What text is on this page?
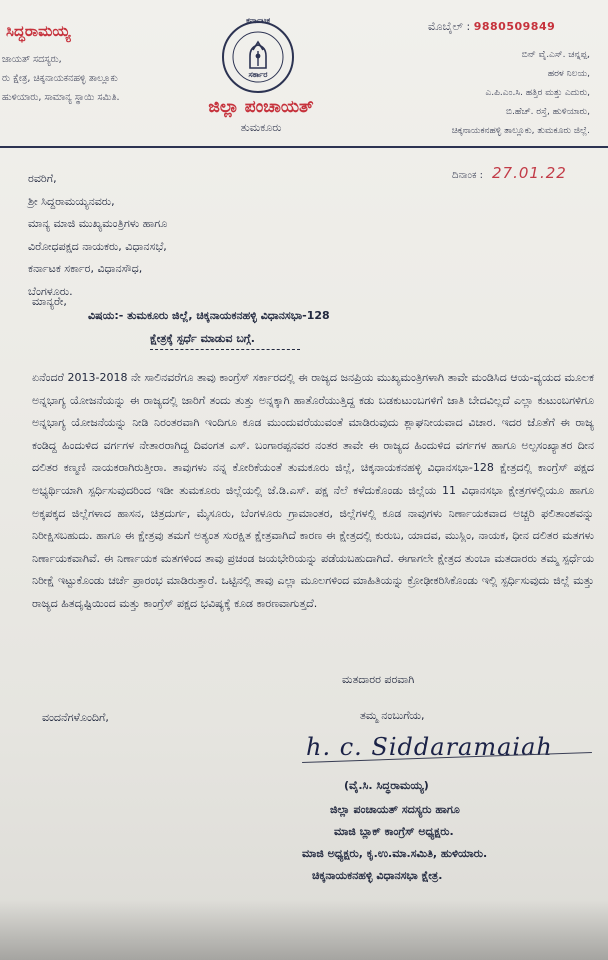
ಸಿದ್ಧರಾಮಯ್ಯ
ಜಾಯತ್ ಸದಸ್ಯರು,
ರು ಕ್ಷೇತ್ರ, ಚಿಕ್ಕನಾಯಕನಹಳ್ಳಿ ತಾಲ್ಲೂಕು
ಹುಳಿಯಾರು, ಸಾಮಾನ್ಯ ಸ್ಥಾಯಿ ಸಮಿತಿ.
ಕರ್ನಾಟಕ
ಸರ್ಕಾರ
ಜಿಲ್ಲಾ ಪಂಚಾಯತ್
ತುಮಕೂರು
ಮೊಬೈಲ್ : 9880509849
ಬಿನ್ ವೈ.ಎಸ್. ಚನ್ನಪ್ಪ,
ಹರಳ ನಿಲಯ,
ಎ.ಪಿ.ಎಂ.ಸಿ. ಹತ್ತಿರ ಮತ್ತು ಎದುರು,
ಬಿ.ಹೆಚ್. ರಸ್ತೆ, ಹುಳಿಯಾರು,
ಚಿಕ್ಕನಾಯಕನಹಳ್ಳಿ ತಾಲ್ಲೂಕು, ತುಮಕೂರು ಜಿಲ್ಲೆ.
ದಿನಾಂಕ : 27.01.22
ರವರಿಗೆ,
ಶ್ರೀ ಸಿದ್ದರಾಮಯ್ಯನವರು,
ಮಾನ್ಯ ಮಾಜಿ ಮುಖ್ಯಮಂತ್ರಿಗಳು ಹಾಗೂ
ವಿರೋಧಪಕ್ಷದ ನಾಯಕರು, ವಿಧಾನಸಭೆ,
ಕರ್ನಾಟಕ ಸರ್ಕಾರ, ವಿಧಾನಸೌಧ,
ಬೆಂಗಳೂರು.
ಮಾನ್ಯರೇ,
ವಿಷಯ:- ತುಮಕೂರು ಜಿಲ್ಲೆ, ಚಿಕ್ಕನಾಯಕನಹಳ್ಳಿ ವಿಧಾನಸಭಾ-128
ಕ್ಷೇತ್ರಕ್ಕೆ ಸ್ಪರ್ಧೆ ಮಾಡುವ ಬಗ್ಗೆ.
ಏನೆಂದರೆ 2013-2018 ನೇ ಸಾಲಿನವರೆಗೂ ತಾವು ಕಾಂಗ್ರೆಸ್ ಸರ್ಕಾರದಲ್ಲಿ ಈ ರಾಜ್ಯದ ಜನಪ್ರಿಯ ಮುಖ್ಯಮಂತ್ರಿಗಳಾಗಿ ತಾವೇ ಮಂಡಿಸಿದ ಆಯ-ವ್ಯಯದ ಮೂಲಕ ಅನ್ನಭಾಗ್ಯ ಯೋಜನೆಯನ್ನು ಈ ರಾಜ್ಯದಲ್ಲಿ ಜಾರಿಗೆ ತಂದು ತುತ್ತು ಅನ್ನಕ್ಕಾಗಿ ಹಾತೊರೆಯುತ್ತಿದ್ದ ಕಡು ಬಡಕುಟುಂಬಗಳಿಗೆ ಜಾತಿ ಬೇದವಿಲ್ಲದೆ ಎಲ್ಲಾ ಕುಟುಂಬಗಳಿಗೂ ಅನ್ನಭಾಗ್ಯ ಯೋಜನೆಯನ್ನು ನೀಡಿ ನಿರಂತರವಾಗಿ ಇಂದಿಗೂ ಕೂಡ ಮುಂದುವರೆಯುವಂತೆ ಮಾಡಿರುವುದು ಶ್ಲಾಘನೀಯವಾದ ವಿಚಾರ. ಇದರ ಜೊತೆಗೆ ಈ ರಾಜ್ಯ ಕಂಡಿದ್ದ ಹಿಂದುಳಿದ ವರ್ಗಗಳ ನೇತಾರರಾಗಿದ್ದ ದಿವಂಗತ ಎಸ್. ಬಂಗಾರಪ್ಪನವರ ನಂತರ ತಾವೇ ಈ ರಾಜ್ಯದ ಹಿಂದುಳಿದ ವರ್ಗಗಳ ಹಾಗೂ ಅಲ್ಪಸಂಖ್ಯಾತರ ದೀನ ದಲಿತರ ಕಣ್ಮಣಿ ನಾಯಕರಾಗಿರುತ್ತೀರಾ. ತಾವುಗಳು ನನ್ನ ಕೋರಿಕೆಯಂತೆ ತುಮಕೂರು ಜಿಲ್ಲೆ, ಚಿಕ್ಕನಾಯಕನಹಳ್ಳಿ ವಿಧಾನಸಭಾ-128 ಕ್ಷೇತ್ರದಲ್ಲಿ ಕಾಂಗ್ರೆಸ್ ಪಕ್ಷದ ಅಭ್ಯರ್ಥಿಯಾಗಿ ಸ್ಪರ್ಧಿಸುವುದರಿಂದ ಇಡೀ ತುಮಕೂರು ಜಿಲ್ಲೆಯಲ್ಲಿ ಜೆ.ಡಿ.ಎಸ್. ಪಕ್ಷ ನೆಲೆ ಕಳೆದುಕೊಂಡು ಜಿಲ್ಲೆಯ 11 ವಿಧಾನಸಭಾ ಕ್ಷೇತ್ರಗಳಲ್ಲಿಯೂ ಹಾಗೂ ಅಕ್ಕಪಕ್ಕದ ಜಿಲ್ಲೆಗಳಾದ ಹಾಸನ, ಚಿತ್ರದುರ್ಗ, ಮೈಸೂರು, ಬೆಂಗಳೂರು ಗ್ರಾಮಾಂತರ, ಜಿಲ್ಲೆಗಳಲ್ಲಿ ಕೂಡ ನಾವುಗಳು ನಿರ್ಣಾಯಕವಾದ ಅಚ್ಚರಿ ಫಲಿತಾಂಶವನ್ನು ನಿರೀಕ್ಷಿಸಬಹುದು. ಹಾಗೂ ಈ ಕ್ಷೇತ್ರವು ತಮಗೆ ಅತ್ಯಂತ ಸುರಕ್ಷಿತ ಕ್ಷೇತ್ರವಾಗಿದೆ ಕಾರಣ ಈ ಕ್ಷೇತ್ರದಲ್ಲಿ ಕುರುಬ, ಯಾದವ, ಮುಸ್ಲಿಂ, ನಾಯಕ, ಧೀನ ದಲಿತರ ಮತಗಳು ನಿರ್ಣಾಯಕವಾಗಿವೆ. ಈ ನಿರ್ಣಾಯಕ ಮತಗಳಿಂದ ತಾವು ಪ್ರಚಂಡ ಜಯಭೇರಿಯನ್ನು ಪಡೆಯಬಹುದಾಗಿದೆ. ಈಗಾಗಲೇ ಕ್ಷೇತ್ರದ ತುಂಬಾ ಮತದಾರರು ತಮ್ಮ ಸ್ಪರ್ಧೆಯ ನಿರೀಕ್ಷೆ ಇಟ್ಟುಕೊಂಡು ಚರ್ಚೆ ಪ್ರಾರಂಭ ಮಾಡಿರುತ್ತಾರೆ. ಒಟ್ಟಿನಲ್ಲಿ ತಾವು ಎಲ್ಲಾ ಮೂಲಗಳಿಂದ ಮಾಹಿತಿಯನ್ನು ಕ್ರೋಢೀಕರಿಸಿಕೊಂಡು ಇಲ್ಲಿ ಸ್ಪರ್ಧಿಸುವುದು ಜಿಲ್ಲೆ ಮತ್ತು ರಾಜ್ಯದ ಹಿತದೃಷ್ಟಿಯಿಂದ ಮತ್ತು ಕಾಂಗ್ರೆಸ್ ಪಕ್ಷದ ಭವಿಷ್ಯಕ್ಕೆ ಕೂಡ ಕಾರಣವಾಗುತ್ತದೆ.
ವಂದನೆಗಳೊಂದಿಗೆ,
ಮತದಾರರ ಪರವಾಗಿ
ತಮ್ಮ ನಂಬುಗೆಯ,
h. c. Siddaramaiah
(ವೈ.ಸಿ. ಸಿದ್ಧರಾಮಯ್ಯ)
ಜಿಲ್ಲಾ ಪಂಚಾಯತ್ ಸದಸ್ಯರು ಹಾಗೂ
ಮಾಜಿ ಬ್ಲಾಕ್ ಕಾಂಗ್ರೆಸ್ ಅಧ್ಯಕ್ಷರು.
ಮಾಜಿ ಅಧ್ಯಕ್ಷರು, ಕೃ.ಉ.ಮಾ.ಸಮಿತಿ, ಹುಳಿಯಾರು.
ಚಿಕ್ಕನಾಯಕನಹಳ್ಳಿ ವಿಧಾನಸಭಾ ಕ್ಷೇತ್ರ.
